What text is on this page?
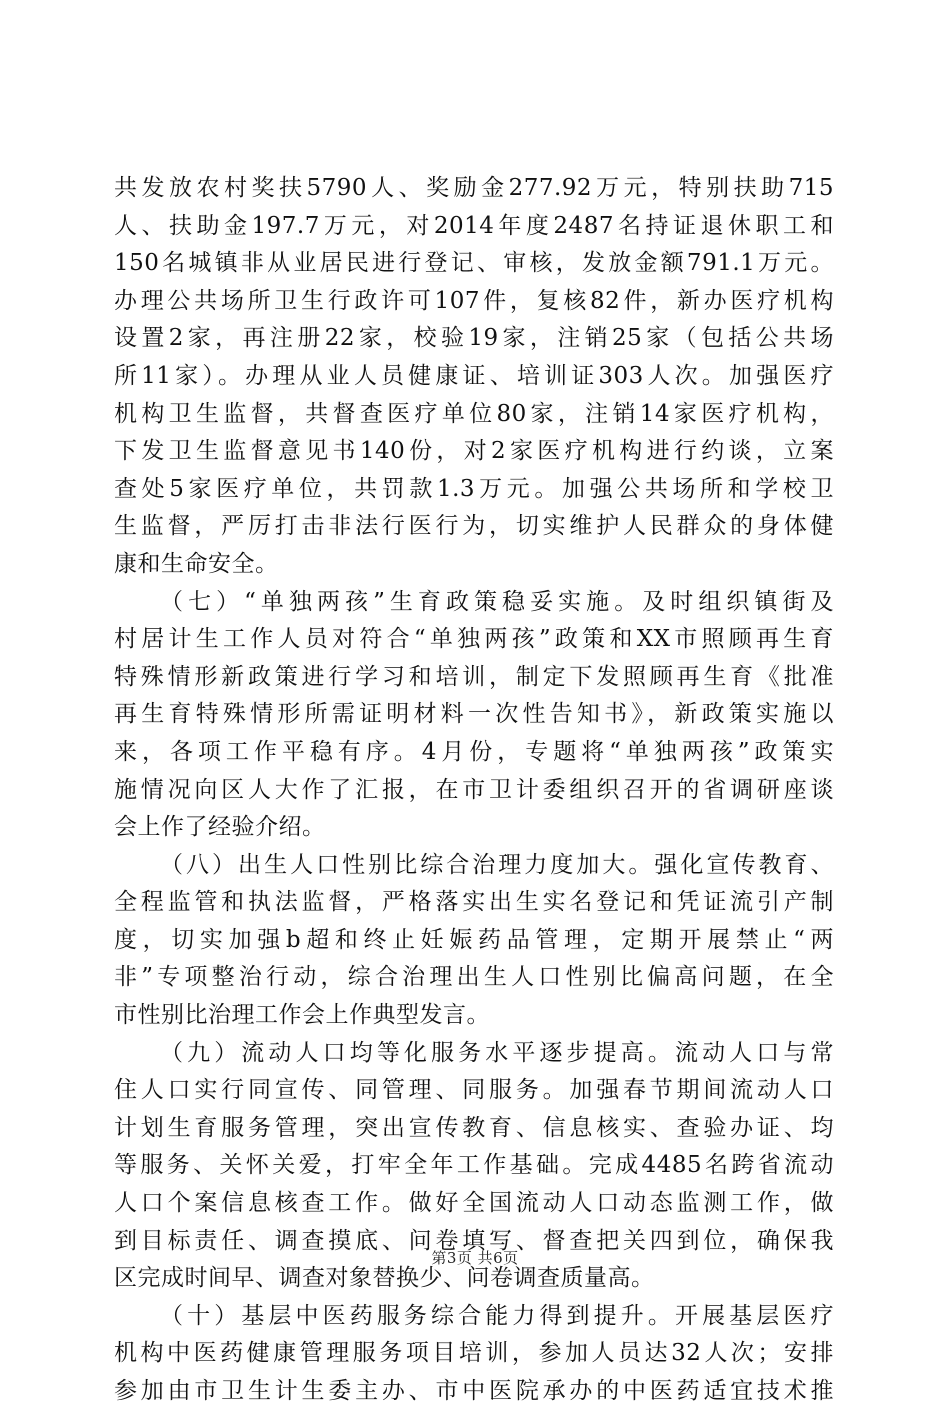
共发放农村奖扶5790人、奖励金277.92万元，特别扶助715
人、扶助金197.7万元，对2014年度2487名持证退休职工和
150名城镇非从业居民进行登记、审核，发放金额791.1万元。
办理公共场所卫生行政许可107件，复核82件，新办医疗机构
设置2家，再注册22家，校验19家，注销25家（包括公共场
所11家）。办理从业人员健康证、培训证303人次。加强医疗
机构卫生监督，共督查医疗单位80家，注销14家医疗机构，
下发卫生监督意见书140份，对2家医疗机构进行约谈，立案
查处5家医疗单位，共罚款1.3万元。加强公共场所和学校卫
生监督，严厉打击非法行医行为，切实维护人民群众的身体健
康和生命安全。
（七）“单独两孩”生育政策稳妥实施。及时组织镇街及
村居计生工作人员对符合“单独两孩”政策和XX市照顾再生育
特殊情形新政策进行学习和培训，制定下发照顾再生育《批准
再生育特殊情形所需证明材料一次性告知书》，新政策实施以
来，各项工作平稳有序。4月份，专题将“单独两孩”政策实
施情况向区人大作了汇报，在市卫计委组织召开的省调研座谈
会上作了经验介绍。
（八）出生人口性别比综合治理力度加大。强化宣传教育、
全程监管和执法监督，严格落实出生实名登记和凭证流引产制
度，切实加强b超和终止妊娠药品管理，定期开展禁止“两
非”专项整治行动，综合治理出生人口性别比偏高问题，在全
市性别比治理工作会上作典型发言。
（九）流动人口均等化服务水平逐步提高。流动人口与常
住人口实行同宣传、同管理、同服务。加强春节期间流动人口
计划生育服务管理，突出宣传教育、信息核实、查验办证、均
等服务、关怀关爱，打牢全年工作基础。完成4485名跨省流动
人口个案信息核查工作。做好全国流动人口动态监测工作，做
到目标责任、调查摸底、问卷填写、督查把关四到位，确保我
区完成时间早、调查对象替换少、问卷调查质量高。
（十）基层中医药服务综合能力得到提升。开展基层医疗
机构中医药健康管理服务项目培训，参加人员达32人次；安排
参加由市卫生计生委主办、市中医院承办的中医药适宜技术推
第3页 共6页
